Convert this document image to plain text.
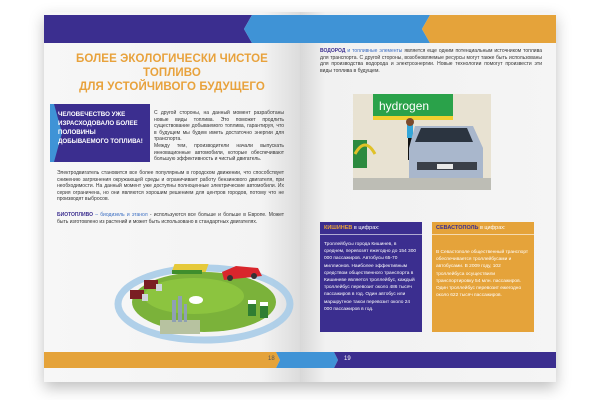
БОЛЕЕ ЭКОЛОГИЧЕСКИ ЧИСТОЕ ТОПЛИВО
ДЛЯ УСТОЙЧИВОГО БУДУЩЕГО
ЧЕЛОВЕЧЕСТВО УЖЕ ИЗРАСХОДОВАЛО БОЛЕЕ ПОЛОВИНЫ ДОБЫВАЕМОГО ТОПЛИВА!
С другой стороны, на данный момент разработаны новые виды топлива. Это поможет продлить существование добываемого топлива, гарантируя, что в будущем мы будем иметь достаточно энергии для транспорта.
Между тем, производители начали выпускать инновационные автомобили, которые обеспечивают большую эффективность и чистый двигатель.
Электродвигатель становится все более популярным в городском движении, что способствует снижению загрязнения окружающей среды и ограничивает работу бензинового двигателя, при необходимости. На данный момент уже доступны полноценные электрические автомобили. Их серия ограничена, но они являются хорошим решением для центров городов, потому что не производят выбросов.
БИОТОПЛИВО – биодизель и этанол - используются все больше и больше в Европе. Может быть изготовлено из растений и может быть использовано в стандартных двигателях.
18
ВОДОРОД и топливные элементы является еще одним потенциальным источником топлива для транспорта. С другой стороны, возобновляемые ресурсы могут также быть использованы для производства водорода и электроэнергии. Новые технологии помогут произвести эти виды топлива в будущем.
hydrogen
КИШИНЕВ в цифрах:
Троллейбусы города Кишинев, в среднем, перевозят ежегодно до 154 300 000 пассажиров. Автобусы 65-70 миллионов. Наиболее эффективным средством общественного транспорта в Кишиневе является троллейбус, каждый троллейбус перевозит около 486 тысяч пассажиров в год. Один автобус или маршрутное такси перевозит около 24 000 пассажиров в год.
СЕВАСТОПОЛЬ в цифрах:
В Севастополе общественный транспорт обеспечивается троллейбусами и автобусами. В 2009 году, 102 троллейбуса осуществили транспортировку 54 млн. пассажиров. Один троллейбус перевозит ежегодно около 622 тысяч пассажиров.
19
